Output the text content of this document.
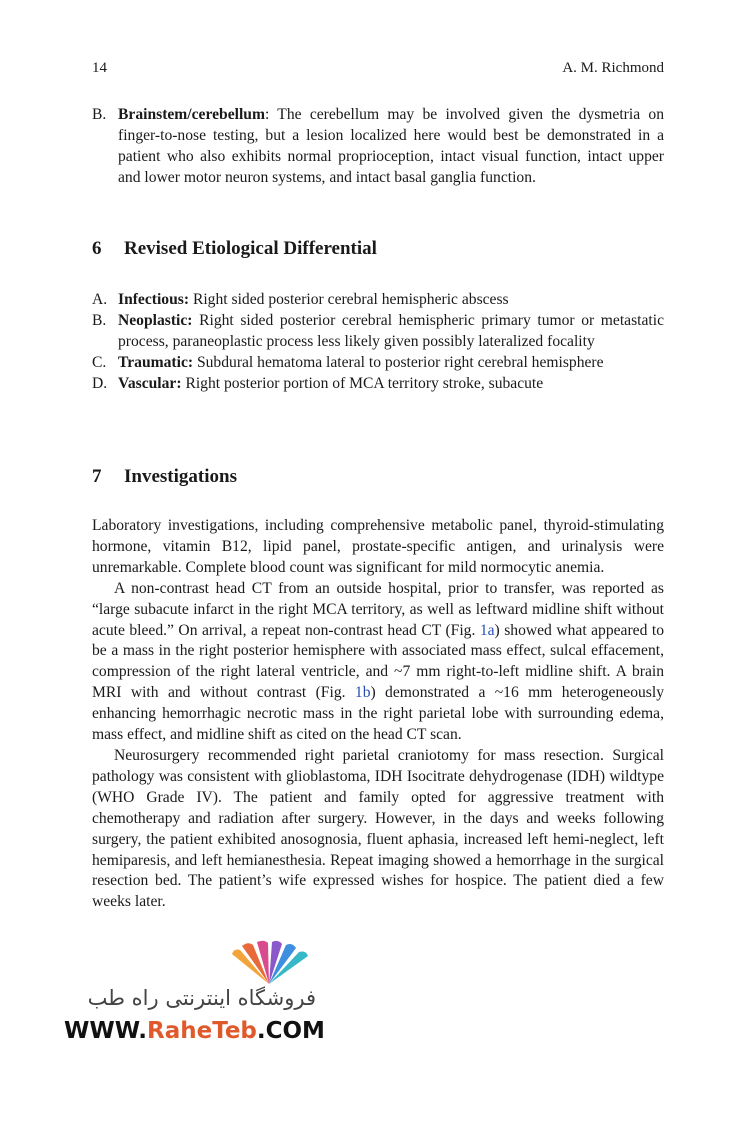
14	A. M. Richmond
B. Brainstem/cerebellum: The cerebellum may be involved given the dysmetria on finger-to-nose testing, but a lesion localized here would best be demonstrated in a patient who also exhibits normal proprioception, intact visual function, intact upper and lower motor neuron systems, and intact basal ganglia function.
6 Revised Etiological Differential
A. Infectious: Right sided posterior cerebral hemispheric abscess
B. Neoplastic: Right sided posterior cerebral hemispheric primary tumor or metastatic process, paraneoplastic process less likely given possibly lateralized focality
C. Traumatic: Subdural hematoma lateral to posterior right cerebral hemisphere
D. Vascular: Right posterior portion of MCA territory stroke, subacute
7 Investigations

Laboratory investigations, including comprehensive metabolic panel, thyroid-stimulating hormone, vitamin B12, lipid panel, prostate-specific antigen, and urinalysis were unremarkable. Complete blood count was significant for mild normocytic anemia.

A non-contrast head CT from an outside hospital, prior to transfer, was reported as “large subacute infarct in the right MCA territory, as well as leftward midline shift without acute bleed.” On arrival, a repeat non-contrast head CT (Fig. 1a) showed what appeared to be a mass in the right posterior hemisphere with associated mass effect, sulcal effacement, compression of the right lateral ventricle, and ~7 mm right-to-left midline shift. A brain MRI with and without contrast (Fig. 1b) demonstrated a ~16 mm heterogeneously enhancing hemorrhagic necrotic mass in the right parietal lobe with surrounding edema, mass effect, and midline shift as cited on the head CT scan.

Neurosurgery recommended right parietal craniotomy for mass resection. Surgical pathology was consistent with glioblastoma, IDH Isocitrate dehydrogenase (IDH) wildtype (WHO Grade IV). The patient and family opted for aggressive treatment with chemotherapy and radiation after surgery. However, in the days and weeks following surgery, the patient exhibited anosognosia, fluent aphasia, increased left hemi-neglect, left hemiparesis, and left hemianesthesia. Repeat imaging showed a hemorrhage in the surgical resection bed. The patient’s wife expressed wishes for hospice. The patient died a few weeks later.

فروشگاه اینترنتی راه طب
WWW.RaheTeb.COM
